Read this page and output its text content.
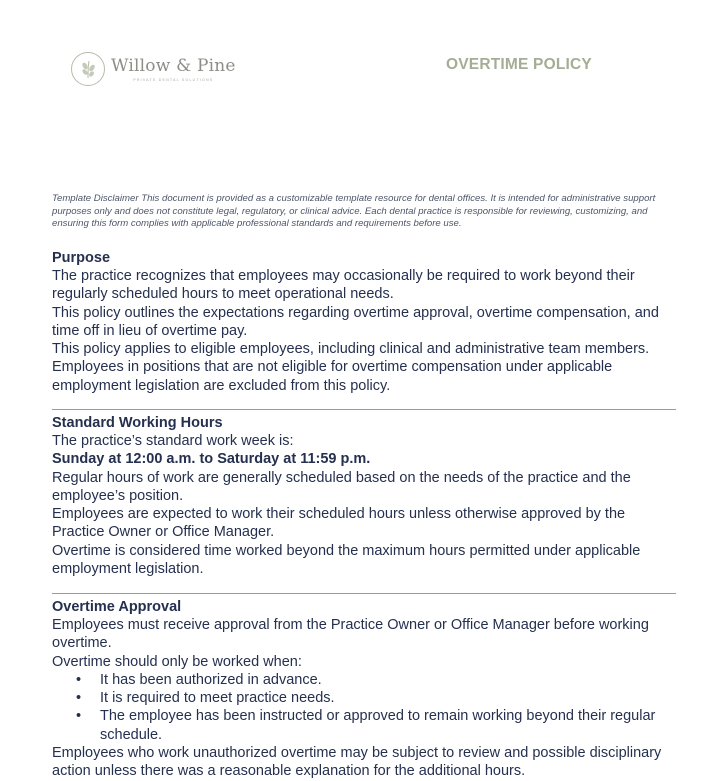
Willow & Pine
PRIVATE DENTAL SOLUTIONS
OVERTIME POLICY
Template Disclaimer This document is provided as a customizable template resource for dental offices. It is intended for administrative support purposes only and does not constitute legal, regulatory, or clinical advice. Each dental practice is responsible for reviewing, customizing, and ensuring this form complies with applicable professional standards and requirements before use.
Purpose

The practice recognizes that employees may occasionally be required to work beyond their regularly scheduled hours to meet operational needs.

This policy outlines the expectations regarding overtime approval, overtime compensation, and time off in lieu of overtime pay.

This policy applies to eligible employees, including clinical and administrative team members. Employees in positions that are not eligible for overtime compensation under applicable employment legislation are excluded from this policy.

Standard Working Hours

The practice’s standard work week is:

Sunday at 12:00 a.m. to Saturday at 11:59 p.m.

Regular hours of work are generally scheduled based on the needs of the practice and the employee’s position.

Employees are expected to work their scheduled hours unless otherwise approved by the Practice Owner or Office Manager.

Overtime is considered time worked beyond the maximum hours permitted under applicable employment legislation.

Overtime Approval

Employees must receive approval from the Practice Owner or Office Manager before working overtime.

Overtime should only be worked when:

• It has been authorized in advance.
• It is required to meet practice needs.
• The employee has been instructed or approved to remain working beyond their regular schedule.

Employees who work unauthorized overtime may be subject to review and possible disciplinary action unless there was a reasonable explanation for the additional hours.
